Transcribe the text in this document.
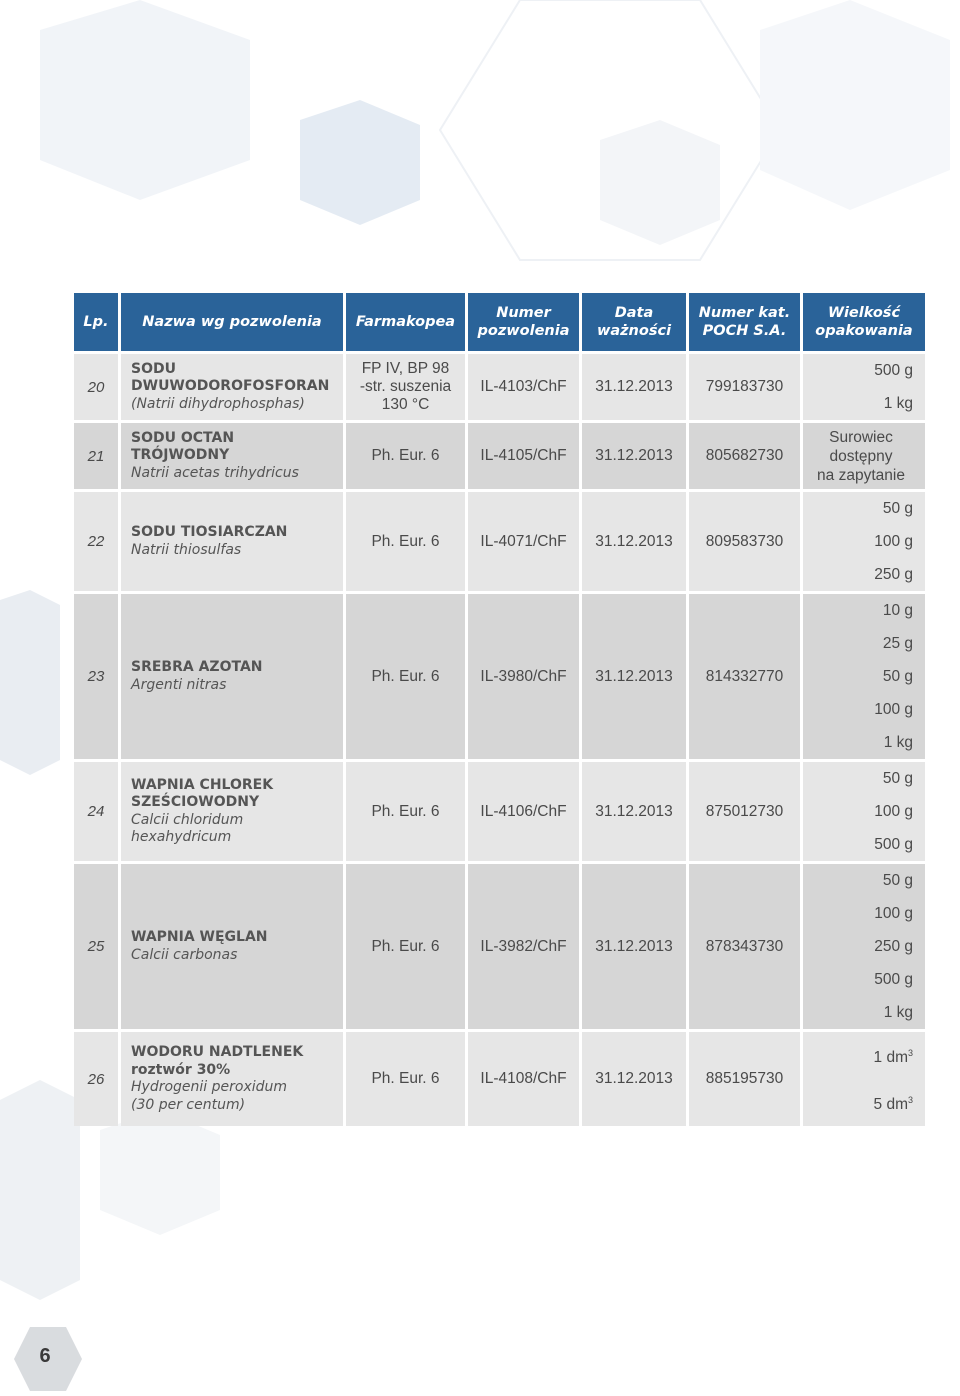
Lp.	Nazwa wg pozwolenia	Farmakopea	Numer pozwolenia	Data ważności	Numer kat. POCH S.A.	Wielkość opakowania
20	SODU
DWUWODOROFOSFORAN
(Natrii dihydrophosphas)	FP IV, BP 98
-str. suszenia
130 °C	IL-4103/ChF	31.12.2013	799183730	500 g
1 kg

21	SODU OCTAN
TRÓJWODNY
Natrii acetas trihydricus	Ph. Eur. 6	IL-4105/ChF	31.12.2013	805682730	Surowiec
dostępny
na zapytanie

22	SODU TIOSIARCZAN
Natrii thiosulfas	Ph. Eur. 6	IL-4071/ChF	31.12.2013	809583730	50 g
100 g
250 g

23	SREBRA AZOTAN
Argenti nitras	Ph. Eur. 6	IL-3980/ChF	31.12.2013	814332770	10 g
25 g
50 g
100 g
1 kg

24	WAPNIA CHLOREK
SZEŚCIOWODNY
Calcii chloridum
hexahydricum	Ph. Eur. 6	IL-4106/ChF	31.12.2013	875012730	50 g
100 g
500 g

25	WAPNIA WĘGLAN
Calcii carbonas	Ph. Eur. 6	IL-3982/ChF	31.12.2013	878343730	50 g
100 g
250 g
500 g
1 kg

26	WODORU NADTLENEK
roztwór 30%
Hydrogenii peroxidum
(30 per centum)	Ph. Eur. 6	IL-4108/ChF	31.12.2013	885195730	1 $dm^3$
5 $dm^3$
6
